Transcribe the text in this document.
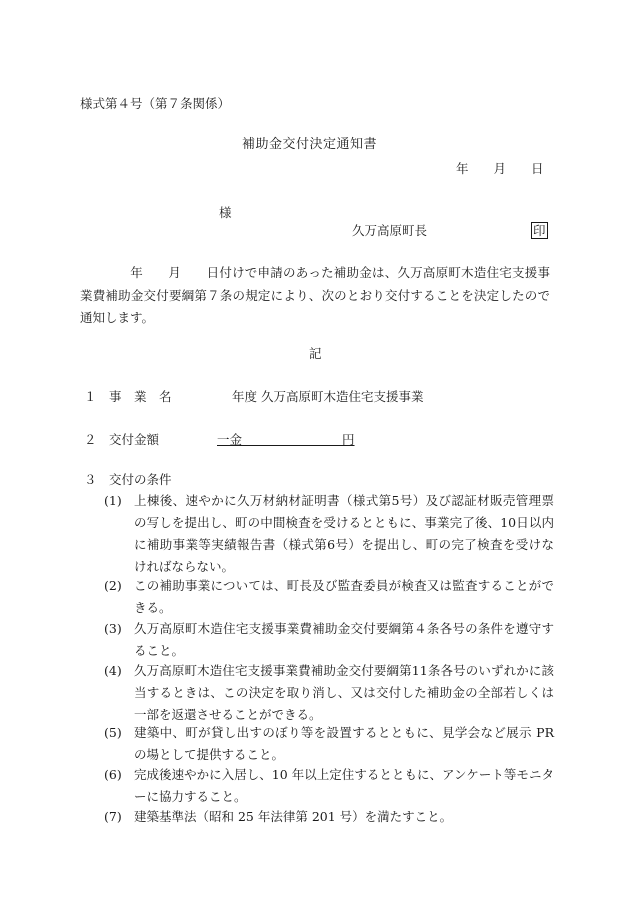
様式第４号（第７条関係）
補助金交付決定通知書
年　　月　　日
様
久万高原町長	印
年　　月　　日付けで申請のあった補助金は、久万高原町木造住宅支援事業費補助金交付要綱第７条の規定により、次のとおり交付することを決定したので通知します。
記
１ 事　業　名	年度 久万高原町木造住宅支援事業
２ 交付金額	一金　　　　　　　　円
３ 交付の条件
(1) 上棟後、速やかに久万材納材証明書（様式第5号）及び認証材販売管理票の写しを提出し、町の中間検査を受けるとともに、事業完了後、10日以内に補助事業等実績報告書（様式第6号）を提出し、町の完了検査を受けなければならない。
(2) この補助事業については、町長及び監査委員が検査又は監査することができる。
(3) 久万高原町木造住宅支援事業費補助金交付要綱第４条各号の条件を遵守すること。
(4) 久万高原町木造住宅支援事業費補助金交付要綱第11条各号のいずれかに該当するときは、この決定を取り消し、又は交付した補助金の全部若しくは一部を返還させることができる。
(5) 建築中、町が貸し出すのぼり等を設置するとともに、見学会など展示 PR の場として提供すること。
(6) 完成後速やかに入居し、10 年以上定住するとともに、アンケート等モニターに協力すること。
(7) 建築基準法（昭和 25 年法律第 201 号）を満たすこと。
